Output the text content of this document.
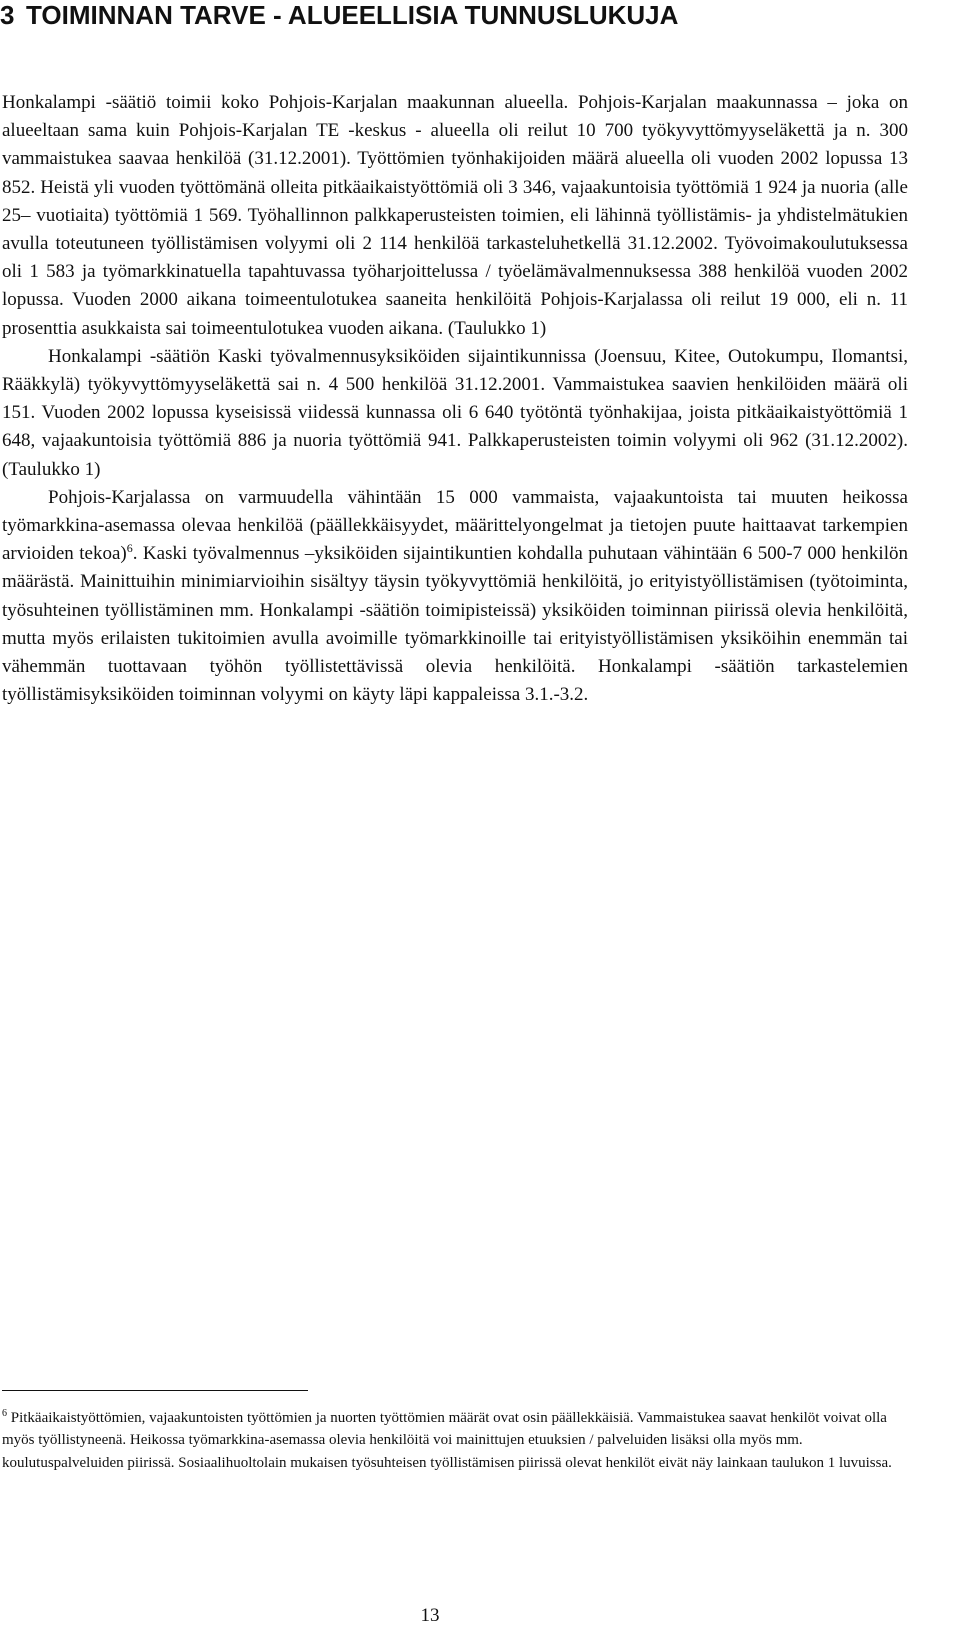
3 TOIMINNAN TARVE - ALUEELLISIA TUNNUSLUKUJA

Honkalampi -säätiö toimii koko Pohjois-Karjalan maakunnan alueella. Pohjois-Karjalan maakunnassa – joka on alueeltaan sama kuin Pohjois-Karjalan TE -keskus - alueella oli reilut 10 700 työkyvyttömyyseläkettä ja n. 300 vammaistukea saavaa henkilöä (31.12.2001). Työttömien työnhakijoiden määrä alueella oli vuoden 2002 lopussa 13 852. Heistä yli vuoden työttömänä olleita pitkäaikaistyöttömiä oli 3 346, vajaakuntoisia työttömiä 1 924 ja nuoria (alle 25– vuotiaita) työttömiä 1 569. Työhallinnon palkkaperusteisten toimien, eli lähinnä työllistämis- ja yhdistelmätukien avulla toteutuneen työllistämisen volyymi oli 2 114 henkilöä tarkasteluhetkellä 31.12.2002. Työvoimakoulutuksessa oli 1 583 ja työmarkkinatuella tapahtuvassa työharjoittelussa / työelämävalmennuksessa 388 henkilöä vuoden 2002 lopussa. Vuoden 2000 aikana toimeentulotukea saaneita henkilöitä Pohjois-Karjalassa oli reilut 19 000, eli n. 11 prosenttia asukkaista sai toimeentulotukea vuoden aikana. (Taulukko 1)

Honkalampi -säätiön Kaski työvalmennusyksiköiden sijaintikunnissa (Joensuu, Kitee, Outokumpu, Ilomantsi, Rääkkylä) työkyvyttömyyseläkettä sai n. 4 500 henkilöä 31.12.2001. Vammaistukea saavien henkilöiden määrä oli 151. Vuoden 2002 lopussa kyseisissä viidessä kunnassa oli 6 640 työtöntä työnhakijaa, joista pitkäaikaistyöttömiä 1 648, vajaakuntoisia työttömiä 886 ja nuoria työttömiä 941. Palkkaperusteisten toimin volyymi oli 962 (31.12.2002). (Taulukko 1)

Pohjois-Karjalassa on varmuudella vähintään 15 000 vammaista, vajaakuntoista tai muuten heikossa työmarkkina-asemassa olevaa henkilöä (päällekkäisyydet, määrittelyongelmat ja tietojen puute haittaavat tarkempien arvioiden tekoa)$^6$. Kaski työvalmennus –yksiköiden sijaintikuntien kohdalla puhutaan vähintään 6 500-7 000 henkilön määrästä. Mainittuihin minimiarvioihin sisältyy täysin työkyvyttömiä henkilöitä, jo erityistyöllistämisen (työtoiminta, työsuhteinen työllistäminen mm. Honkalampi -säätiön toimipisteissä) yksiköiden toiminnan piirissä olevia henkilöitä, mutta myös erilaisten tukitoimien avulla avoimille työmarkkinoille tai erityistyöllistämisen yksiköihin enemmän tai vähemmän tuottavaan työhön työllistettävissä olevia henkilöitä. Honkalampi -säätiön tarkastelemien työllistämisyksiköiden toiminnan volyymi on käyty läpi kappaleissa 3.1.-3.2.

$^6$ Pitkäaikaistyöttömien, vajaakuntoisten työttömien ja nuorten työttömien määrät ovat osin päällekkäisiä. Vammaistukea saavat henkilöt voivat olla myös työllistyneenä. Heikossa työmarkkina-asemassa olevia henkilöitä voi mainittujen etuuksien / palveluiden lisäksi olla myös mm. koulutuspalveluiden piirissä. Sosiaalihuoltolain mukaisen työsuhteisen työllistämisen piirissä olevat henkilöt eivät näy lainkaan taulukon 1 luvuissa.

13
